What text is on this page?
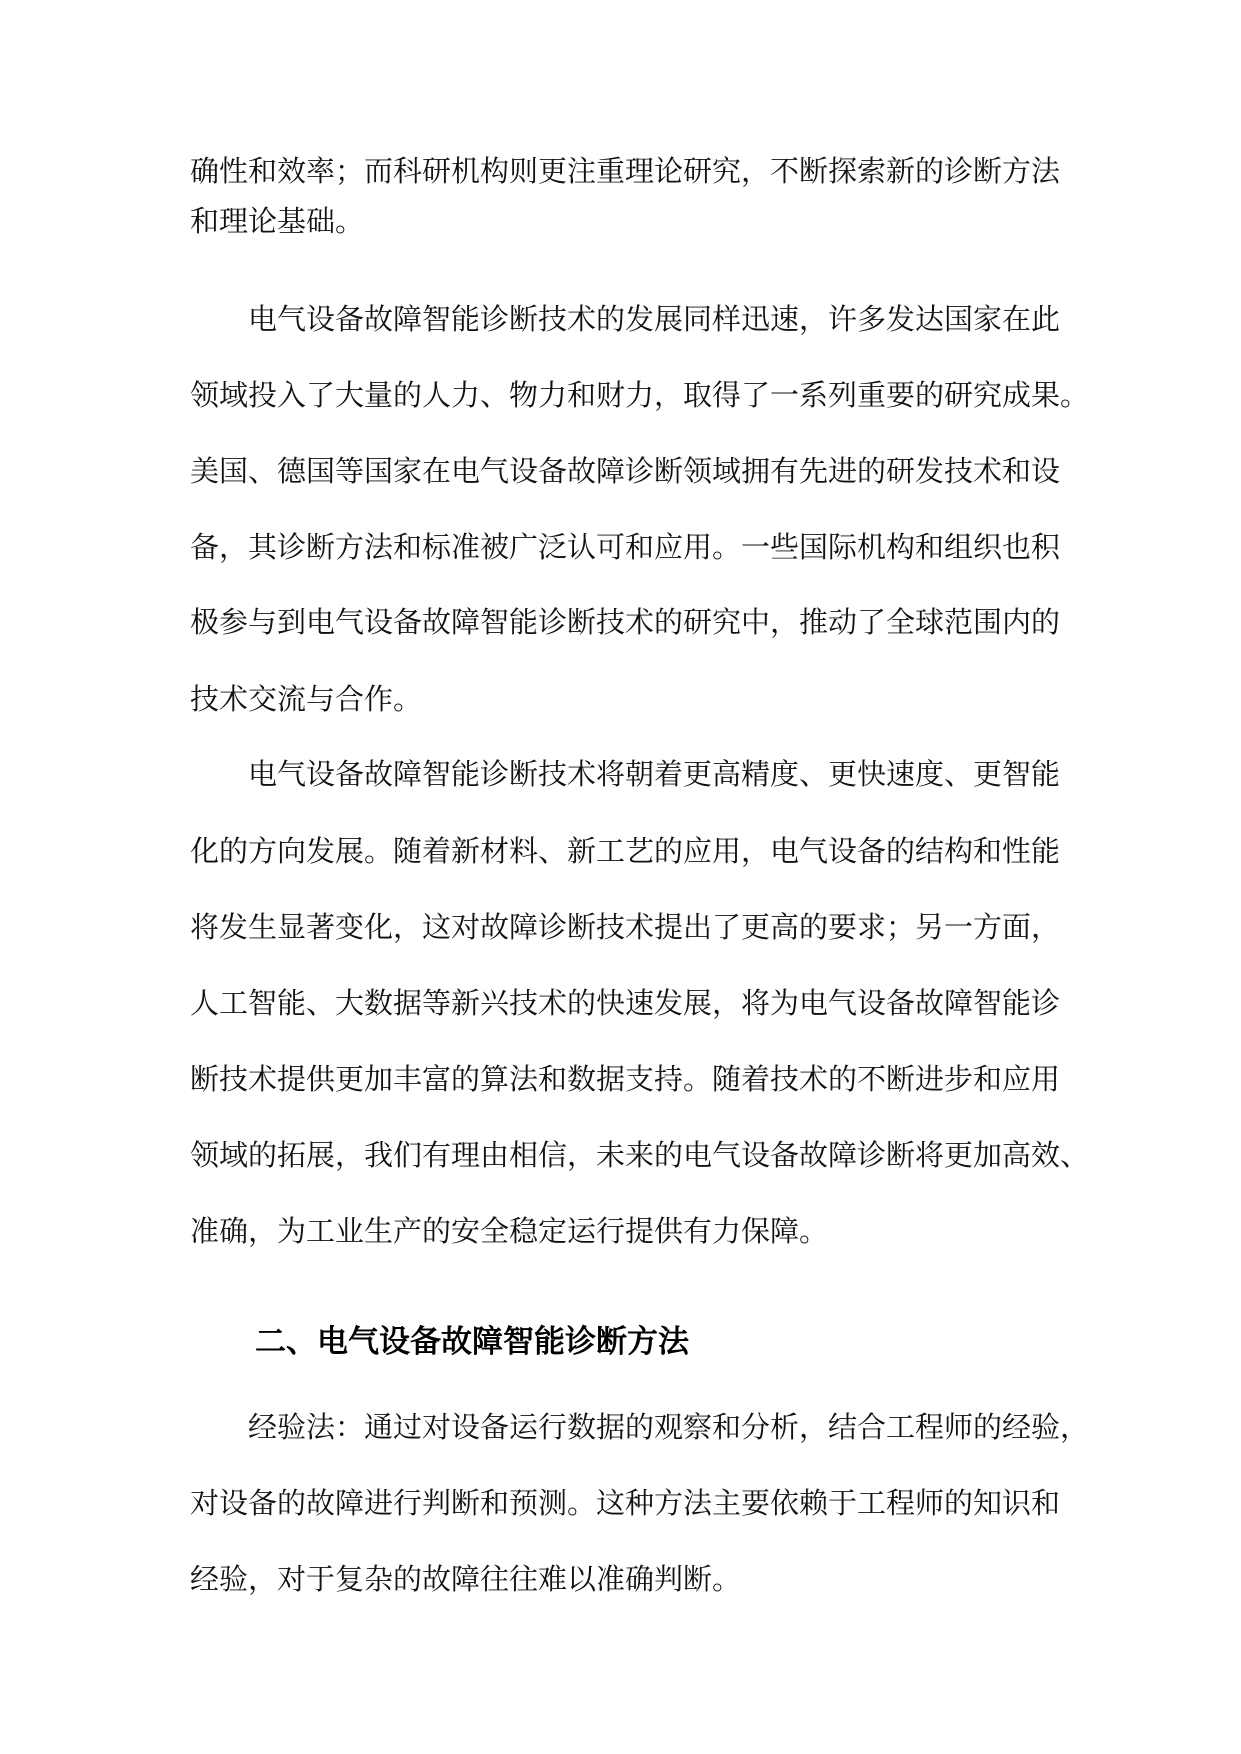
确性和效率；而科研机构则更注重理论研究，不断探索新的诊断方法
和理论基础。
电气设备故障智能诊断技术的发展同样迅速，许多发达国家在此
领域投入了大量的人力、物力和财力，取得了一系列重要的研究成果。
美国、德国等国家在电气设备故障诊断领域拥有先进的研发技术和设
备，其诊断方法和标准被广泛认可和应用。一些国际机构和组织也积
极参与到电气设备故障智能诊断技术的研究中，推动了全球范围内的
技术交流与合作。
电气设备故障智能诊断技术将朝着更高精度、更快速度、更智能
化的方向发展。随着新材料、新工艺的应用，电气设备的结构和性能
将发生显著变化，这对故障诊断技术提出了更高的要求；另一方面，
人工智能、大数据等新兴技术的快速发展，将为电气设备故障智能诊
断技术提供更加丰富的算法和数据支持。随着技术的不断进步和应用
领域的拓展，我们有理由相信，未来的电气设备故障诊断将更加高效、
准确，为工业生产的安全稳定运行提供有力保障。
二、电气设备故障智能诊断方法
经验法：通过对设备运行数据的观察和分析，结合工程师的经验，
对设备的故障进行判断和预测。这种方法主要依赖于工程师的知识和
经验，对于复杂的故障往往难以准确判断。
